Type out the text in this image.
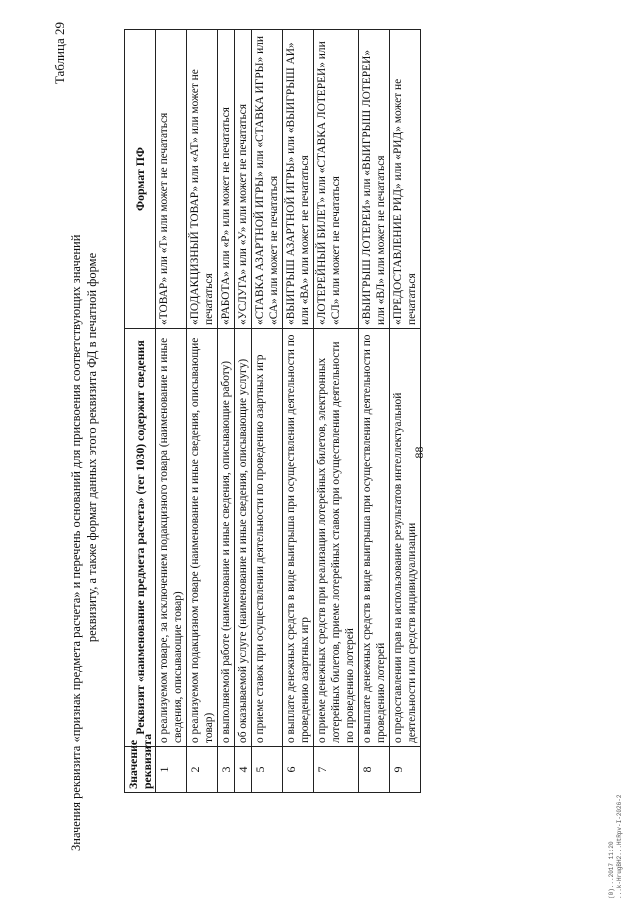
88
Таблица 29
Значения реквизита «признак предмета расчета» и перечень оснований для присвоения соответствующих значений реквизиту, а также формат данных этого реквизита ФД в печатной форме
Значение реквизита	Реквизит «наименование предмета расчета» (тег 1030) содержит сведения	Формат ПФ
1	о реализуемом товаре, за исключением подакцизного товара (наименование и иные сведения, описывающие товар)	«ТОВАР» или «Т» или может не печататься
2	о реализуемом подакцизном товаре (наименование и иные сведения, описывающие товар)	«ПОДАКЦИЗНЫЙ ТОВАР» или «АТ» или может не печататься
3	о выполняемой работе (наименование и иные сведения, описывающие работу)	«РАБОТА» или «Р» или может не печататься
4	об оказываемой услуге (наименование и иные сведения, описывающие услугу)	«УСЛУГА» или «У» или может не печататься
5	о приеме ставок при осуществлении деятельности по проведению азартных игр	«СТАВКА АЗАРТНОЙ ИГРЫ» или «СТАВКА ИГРЫ» или «СА» или может не печататься
6	о выплате денежных средств в виде выигрыша при осуществлении деятельности по проведению азартных игр	«ВЫИГРЫШ АЗАРТНОЙ ИГРЫ» или «ВЫИГРЫШ АИ» или «ВА» или может не печататься
7	о приеме денежных средств при реализации лотерейных билетов, электронных лотерейных билетов, приеме лотерейных ставок при осуществлении деятельности по проведению лотерей	«ЛОТЕРЕЙНЫЙ БИЛЕТ» или «СТАВКА ЛОТЕРЕИ» или «СЛ» или может не печататься
8	о выплате денежных средств в виде выигрыша при осуществлении деятельности по проведению лотерей	«ВЫИГРЫШ ЛОТЕРЕИ» или «ВЫИГРЫШ ЛОТЕРЕИ» или «ВЛ» или может не печататься
9	о предоставлении прав на использование результатов интеллектуальной деятельности или средств индивидуализации	«ПРЕДОСТАВЛЕНИЕ РИД» или «РИД» может не печататься
(0)...2017 11:20 ...k-HrugBH2...HtRpv-I-2026-2
